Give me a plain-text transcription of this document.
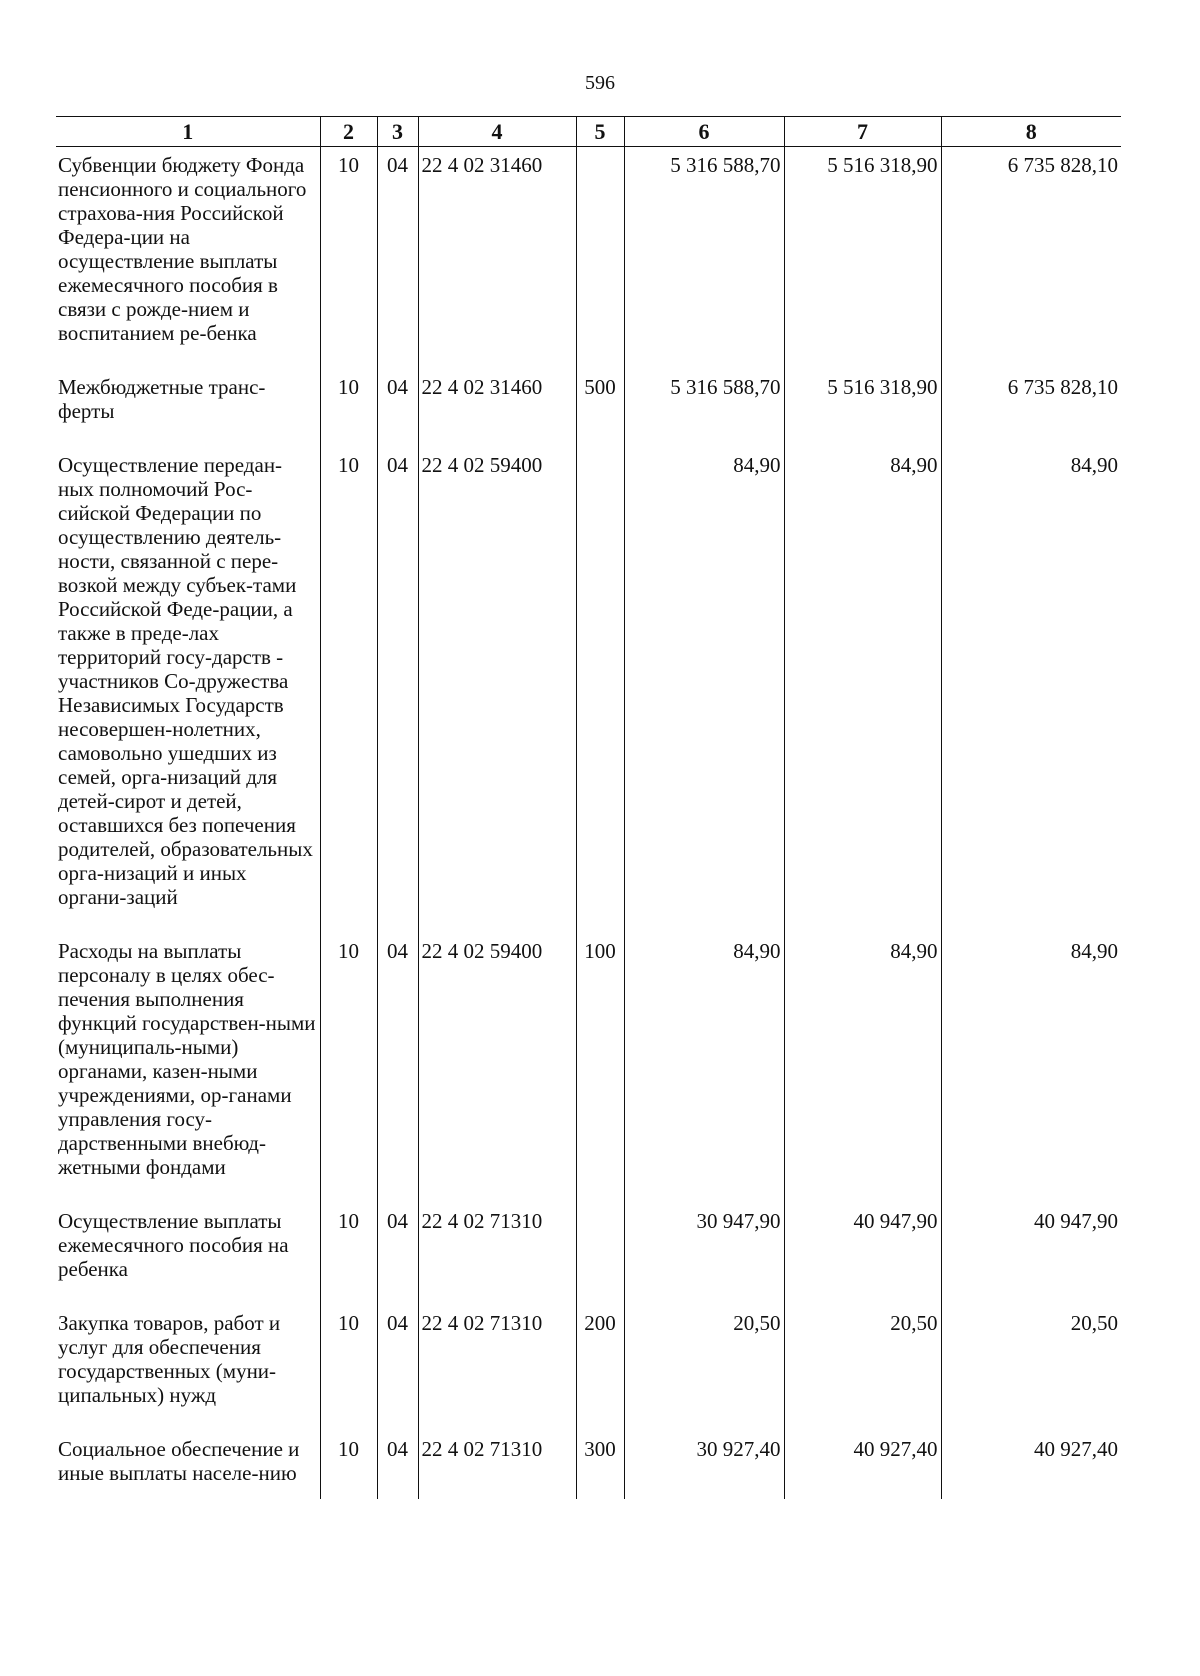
596
1	2	3	4	5	6	7	8
Субвенции бюджету Фонда пенсионного и социального страхова-ния Российской Федера-ции на осуществление выплаты ежемесячного пособия в связи с рожде-нием и воспитанием ре-бенка	10	04	22 4 02 31460		5 316 588,70	5 516 318,90	6 735 828,10
Межбюджетные транс-ферты	10	04	22 4 02 31460	500	5 316 588,70	5 516 318,90	6 735 828,10
Осуществление передан-ных полномочий Рос-сийской Федерации по осуществлению деятель-ности, связанной с пере-возкой между субъек-тами Российской Феде-рации, а также в преде-лах территорий госу-дарств - участников Со-дружества Независимых Государств несовершен-нолетних, самовольно ушедших из семей, орга-низаций для детей-сирот и детей, оставшихся без попечения родителей, образовательных орга-низаций и иных органи-заций	10	04	22 4 02 59400		84,90	84,90	84,90
Расходы на выплаты персоналу в целях обес-печения выполнения функций государствен-ными (муниципаль-ными) органами, казен-ными учреждениями, ор-ганами управления госу-дарственными внебюд-жетными фондами	10	04	22 4 02 59400	100	84,90	84,90	84,90
Осуществление выплаты ежемесячного пособия на ребенка	10	04	22 4 02 71310		30 947,90	40 947,90	40 947,90
Закупка товаров, работ и услуг для обеспечения государственных (муни-ципальных) нужд	10	04	22 4 02 71310	200	20,50	20,50	20,50
Социальное обеспечение и иные выплаты населе-нию	10	04	22 4 02 71310	300	30 927,40	40 927,40	40 927,40
